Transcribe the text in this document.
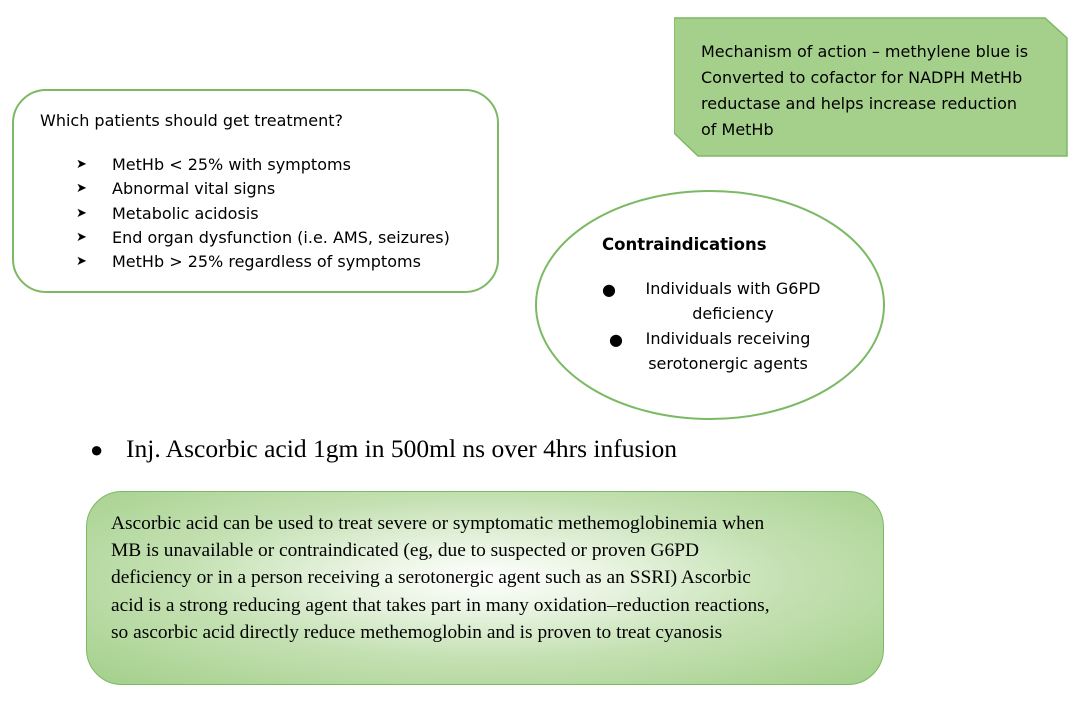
Which patients should get treatment?
➤ MetHb < 25% with symptoms
➤ Abnormal vital signs
➤ Metabolic acidosis
➤ End organ dysfunction (i.e. AMS, seizures)
➤ MetHb > 25% regardless of symptoms
Mechanism of action – methylene blue is
Converted to cofactor for NADPH MetHb
reductase and helps increase reduction
of MetHb
Contraindications
●	Individuals with G6PD
deficiency
●	Individuals receiving
serotonergic agents
● Inj. Ascorbic acid 1gm in 500ml ns over 4hrs infusion
Ascorbic acid can be used to treat severe or symptomatic methemoglobinemia when
MB is unavailable or contraindicated (eg, due to suspected or proven G6PD
deficiency or in a person receiving a serotonergic agent such as an SSRI) Ascorbic
acid is a strong reducing agent that takes part in many oxidation–reduction reactions,
so ascorbic acid directly reduce methemoglobin and is proven to treat cyanosis
